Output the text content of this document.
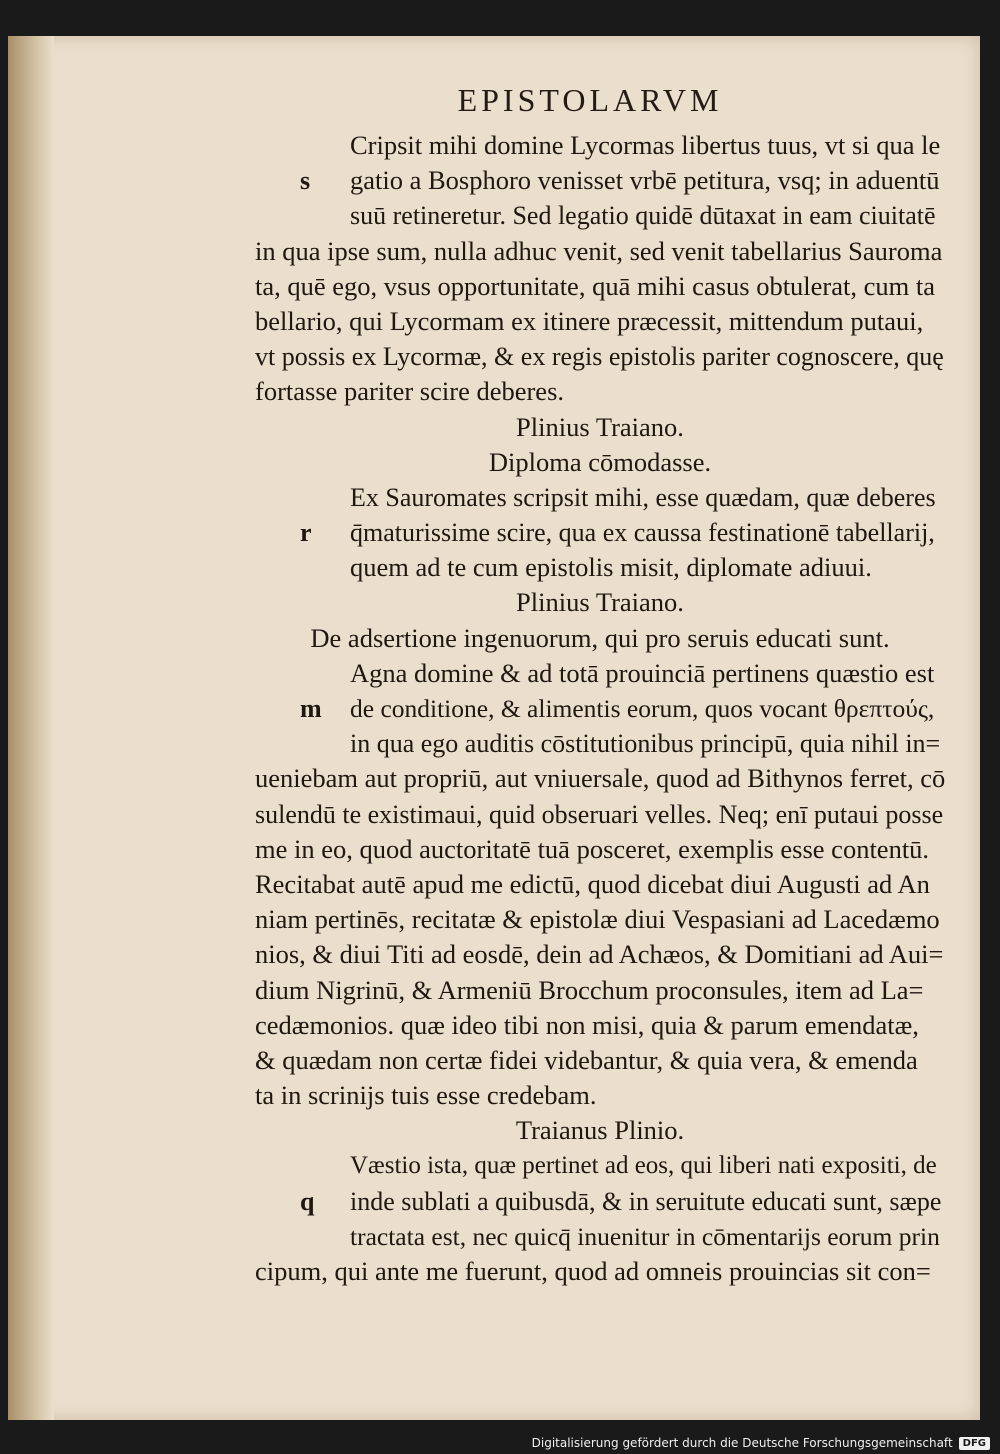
EPISTOLARVM
Cripsit mihi domine Lycormas libertus tuus, vt si qua le
s gatio a Bosphoro venisset vrbē petitura, vsq; in aduentū
suū retineretur. Sed legatio quidē dūtaxat in eam ciuitatē
in qua ipse sum, nulla adhuc venit, sed venit tabellarius Sauroma
ta, quē ego, vsus opportunitate, quā mihi casus obtulerat, cum ta
bellario, qui Lycormam ex itinere præcessit, mittendum putaui,
vt possis ex Lycormæ, & ex regis epistolis pariter cognoscere, quę
fortasse pariter scire deberes.
Plinius Traiano.
Diploma cōmodasse.
Ex Sauromates scripsit mihi, esse quædam, quæ deberes
r q̄maturissime scire, qua ex caussa festinationē tabellarij,
quem ad te cum epistolis misit, diplomate adiuui.
Plinius Traiano.
De adsertione ingenuorum, qui pro seruis educati sunt.
Agna domine & ad totā prouinciā pertinens quæstio est
m de conditione, & alimentis eorum, quos vocant θρεπτούς,
in qua ego auditis cōstitutionibus principū, quia nihil in=
ueniebam aut propriū, aut vniuersale, quod ad Bithynos ferret, cō
sulendū te existimaui, quid obseruari velles. Neq; enī putaui posse
me in eo, quod auctoritatē tuā posceret, exemplis esse contentū.
Recitabat autē apud me edictū, quod dicebat diui Augusti ad An
niam pertinēs, recitatæ & epistolæ diui Vespasiani ad Lacedæmo
nios, & diui Titi ad eosdē, dein ad Achæos, & Domitiani ad Aui=
dium Nigrinū, & Armeniū Brocchum proconsules, item ad La=
cedæmonios. quæ ideo tibi non misi, quia & parum emendatæ,
& quædam non certæ fidei videbantur, & quia vera, & emenda
ta in scrinijs tuis esse credebam.
Traianus Plinio.
Væstio ista, quæ pertinet ad eos, qui liberi nati expositi, de
q inde sublati a quibusdā, & in seruitute educati sunt, sæpe
tractata est, nec quicq̄ inuenitur in cōmentarijs eorum prin
cipum, qui ante me fuerunt, quod ad omneis prouincias sit con=
Digitalisierung gefördert durch die Deutsche Forschungsgemeinschaft	DFG
